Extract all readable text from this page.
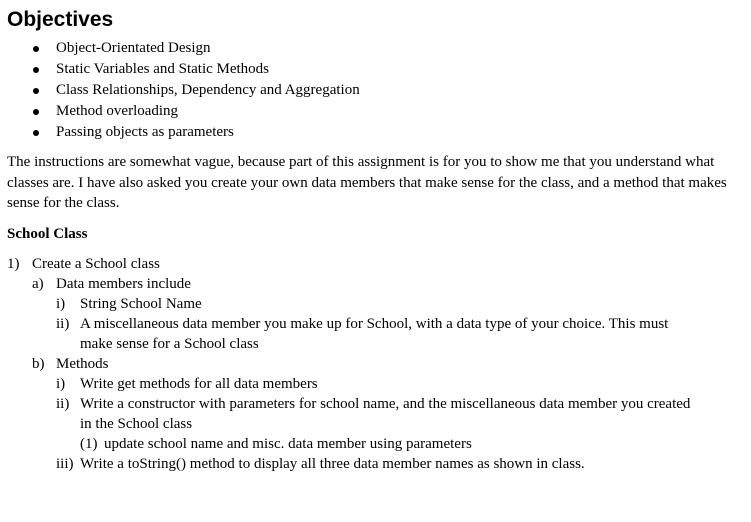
Objectives
Object-Orientated Design
Static Variables and Static Methods
Class Relationships, Dependency and Aggregation
Method overloading
Passing objects as parameters

The instructions are somewhat vague, because part of this assignment is for you to show me that you understand what classes are. I have also asked you create your own data members that make sense for the class, and a method that makes sense for the class.

School Class
1) Create a School class
a) Data members include
i) String School Name
ii) A miscellaneous data member you make up for School, with a data type of your choice. This must
make sense for a School class
b) Methods
i) Write get methods for all data members
ii) Write a constructor with parameters for school name, and the miscellaneous data member you created
in the School class
(1) update school name and misc. data member using parameters
iii) Write a toString() method to display all three data member names as shown in class.
